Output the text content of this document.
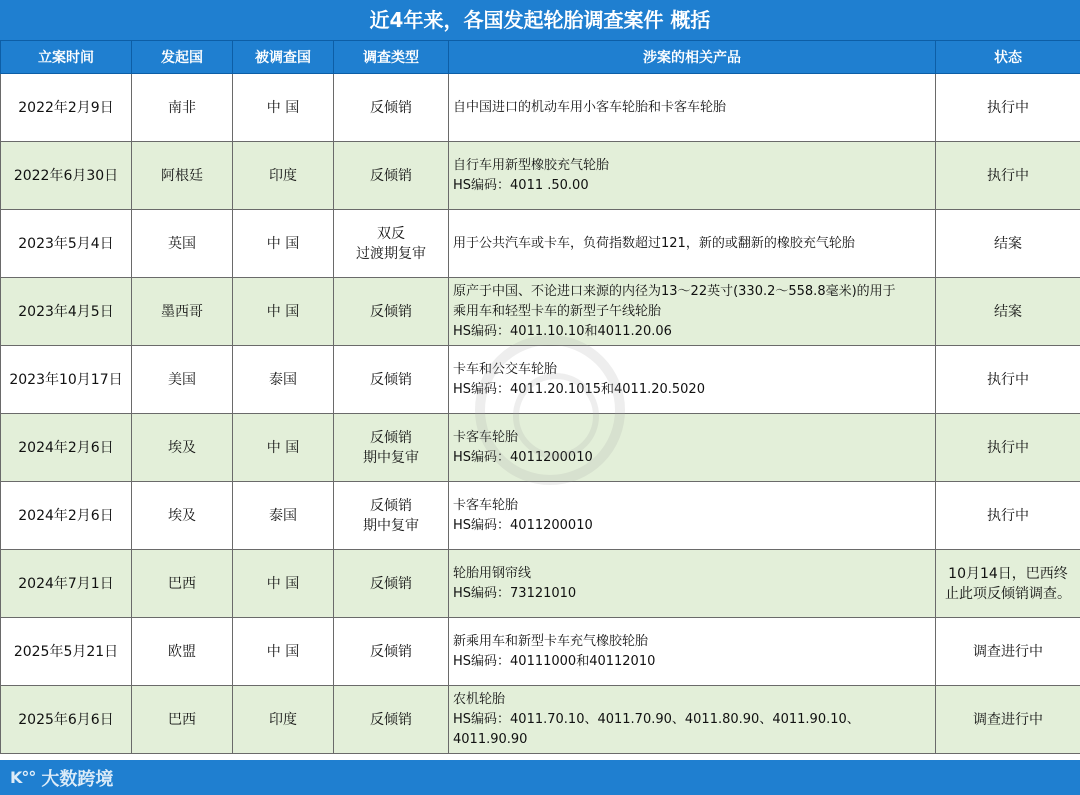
近4年来，各国发起轮胎调查案件 概括
立案时间	发起国	被调查国	调查类型	涉案的相关产品	状态
2022年2月9日	南非	中 国	反倾销	自中国进口的机动车用小客车轮胎和卡客车轮胎	执行中

2022年6月30日	阿根廷	印度	反倾销	自行车用新型橡胶充气轮胎
HS编码：4011 .50.00	执行中

2023年5月4日	英国	中 国	双反
过渡期复审	用于公共汽车或卡车，负荷指数超过121，新的或翻新的橡胶充气轮胎	结案

2023年4月5日	墨西哥	中 国	反倾销	原产于中国、不论进口来源的内径为13～22英寸(330.2～558.8毫米)的用于
乘用车和轻型卡车的新型子午线轮胎
HS编码：4011.10.10和4011.20.06	结案

2023年10月17日	美国	泰国	反倾销	卡车和公交车轮胎
HS编码：4011.20.1015和4011.20.5020	执行中

2024年2月6日	埃及	中 国	反倾销
期中复审	卡客车轮胎
HS编码：4011200010	执行中

2024年2月6日	埃及	泰国	反倾销
期中复审	卡客车轮胎
HS编码：4011200010	执行中

2024年7月1日	巴西	中 国	反倾销	轮胎用钢帘线
HS编码：73121010	10月14日，巴西终
止此项反倾销调查。

2025年5月21日	欧盟	中 国	反倾销	新乘用车和新型卡车充气橡胶轮胎
HS编码：40111000和40112010	调查进行中

2025年6月6日	巴西	印度	反倾销	农机轮胎
HS编码：4011.70.10、4011.70.90、4011.80.90、4011.90.10、4011.90.90	调查进行中
K°° 大数跨境
